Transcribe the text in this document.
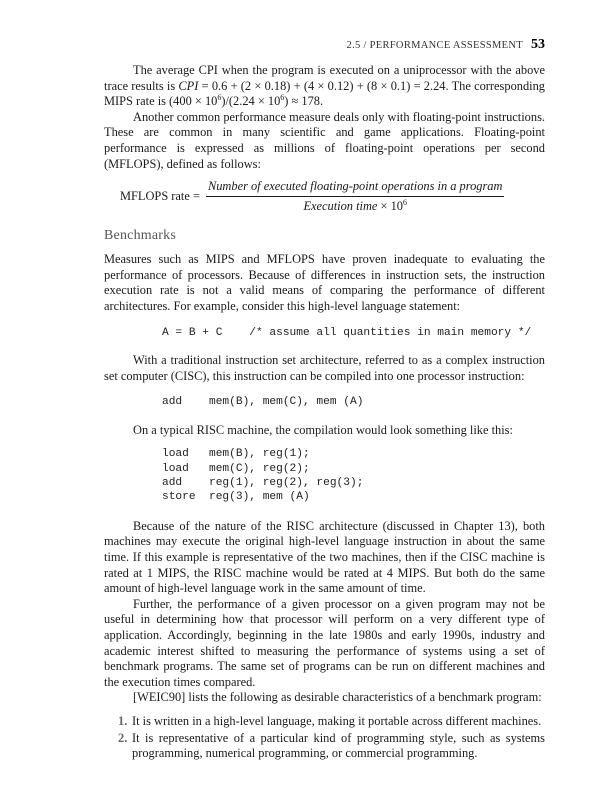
2.5 / PERFORMANCE ASSESSMENT 53

The average CPI when the program is executed on a uniprocessor with the above trace results is CPI = 0.6 + (2 × 0.18) + (4 × 0.12) + (8 × 0.1) = 2.24. The corresponding MIPS rate is $(400 \times 10^6)/(2.24 \times 10^6) \approx 178$.

Another common performance measure deals only with floating-point instructions. These are common in many scientific and game applications. Floating-point performance is expressed as millions of floating-point operations per second (MFLOPS), defined as follows:

MFLOPS rate = $\frac{\text{Number of executed floating-point operations in a program}}{Execution time \times 10^6}$
Benchmarks

Measures such as MIPS and MFLOPS have proven inadequate to evaluating the performance of processors. Because of differences in instruction sets, the instruction execution rate is not a valid means of comparing the performance of different architectures. For example, consider this high-level language statement:

A = B + C    /* assume all quantities in main memory */

With a traditional instruction set architecture, referred to as a complex instruction set computer (CISC), this instruction can be compiled into one processor instruction:

add    mem(B), mem(C), mem (A)

On a typical RISC machine, the compilation would look something like this:

load   mem(B), reg(1);
load   mem(C), reg(2);
add    reg(1), reg(2), reg(3);
store  reg(3), mem (A)

Because of the nature of the RISC architecture (discussed in Chapter 13), both machines may execute the original high-level language instruction in about the same time. If this example is representative of the two machines, then if the CISC machine is rated at 1 MIPS, the RISC machine would be rated at 4 MIPS. But both do the same amount of high-level language work in the same amount of time.

Further, the performance of a given processor on a given program may not be useful in determining how that processor will perform on a very different type of application. Accordingly, beginning in the late 1980s and early 1990s, industry and academic interest shifted to measuring the performance of systems using a set of benchmark programs. The same set of programs can be run on different machines and the execution times compared.

[WEIC90] lists the following as desirable characteristics of a benchmark program:

1. It is written in a high-level language, making it portable across different machines.
2. It is representative of a particular kind of programming style, such as systems programming, numerical programming, or commercial programming.
